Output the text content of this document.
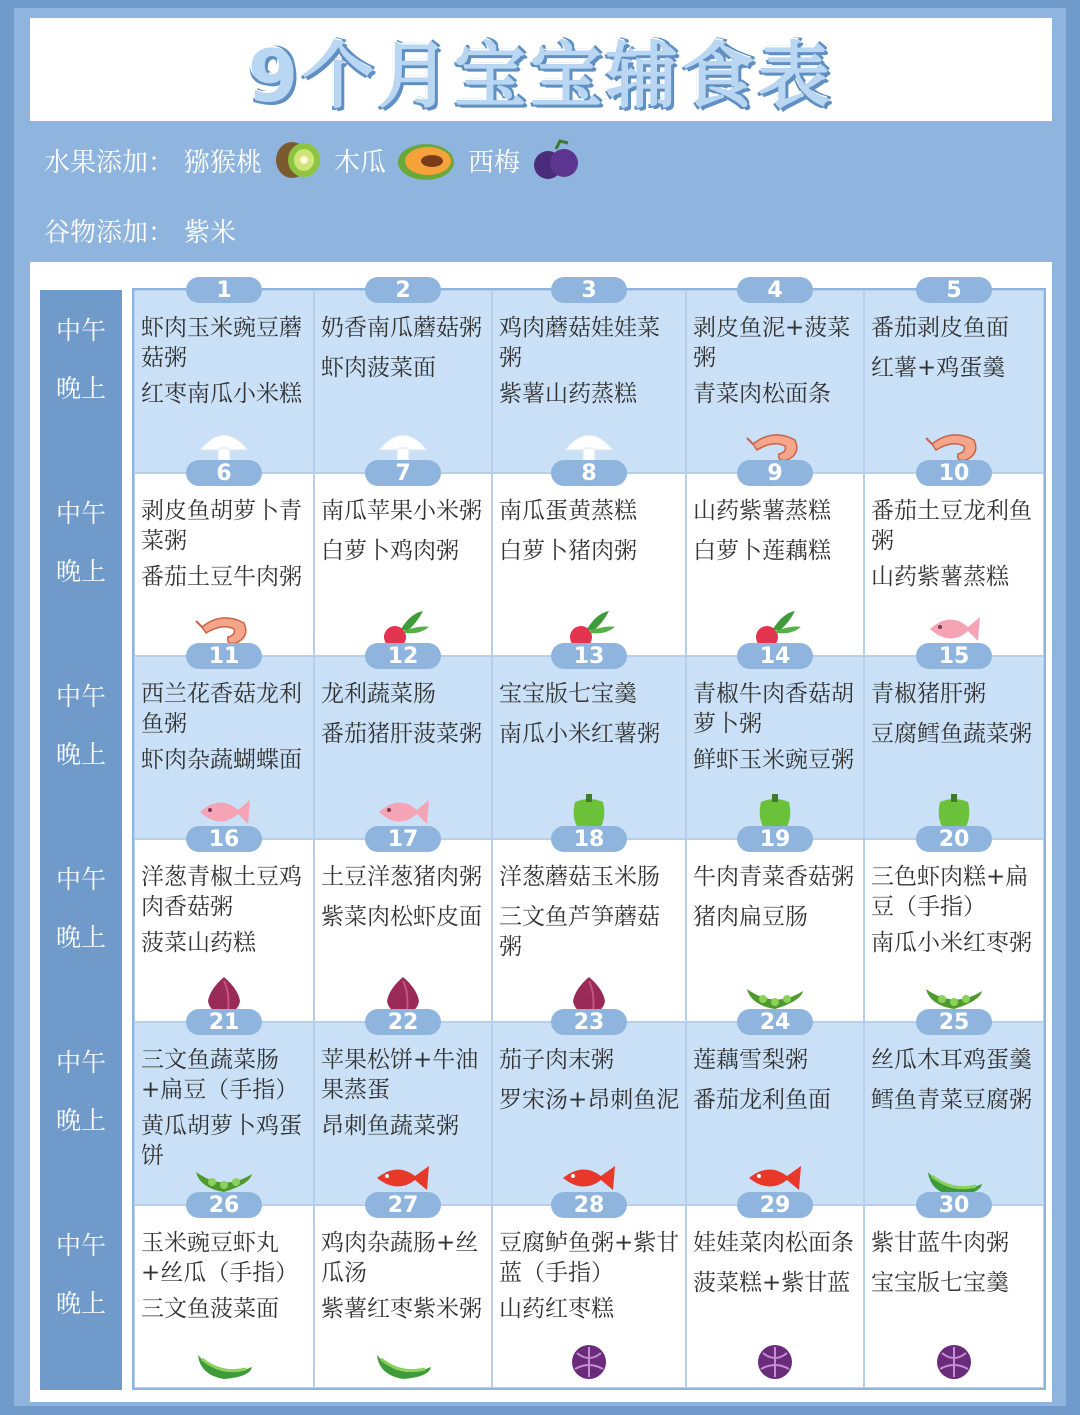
9个月宝宝辅食表
水果添加： 猕猴桃	木瓜	西梅
谷物添加： 紫米
中午
晚上
中午
晚上
中午
晚上
中午
晚上
中午
晚上
中午
晚上
1
虾肉玉米豌豆蘑菇粥
红枣南瓜小米糕
2
奶香南瓜蘑菇粥
虾肉菠菜面
3
鸡肉蘑菇娃娃菜粥
紫薯山药蒸糕
4
剥皮鱼泥+菠菜粥
青菜肉松面条
5
番茄剥皮鱼面
红薯+鸡蛋羹
6
剥皮鱼胡萝卜青菜粥
番茄土豆牛肉粥
7
南瓜苹果小米粥
白萝卜鸡肉粥
8
南瓜蛋黄蒸糕
白萝卜猪肉粥
9
山药紫薯蒸糕
白萝卜莲藕糕
10
番茄土豆龙利鱼粥
山药紫薯蒸糕
11
西兰花香菇龙利鱼粥
虾肉杂蔬蝴蝶面
12
龙利蔬菜肠
番茄猪肝菠菜粥
13
宝宝版七宝羹
南瓜小米红薯粥
14
青椒牛肉香菇胡萝卜粥
鲜虾玉米豌豆粥
15
青椒猪肝粥
豆腐鳕鱼蔬菜粥
16
洋葱青椒土豆鸡肉香菇粥
菠菜山药糕
17
土豆洋葱猪肉粥
紫菜肉松虾皮面
18
洋葱蘑菇玉米肠
三文鱼芦笋蘑菇粥
19
牛肉青菜香菇粥
猪肉扁豆肠
20
三色虾肉糕+扁豆（手指）
南瓜小米红枣粥
21
三文鱼蔬菜肠+扁豆（手指）
黄瓜胡萝卜鸡蛋饼
22
苹果松饼+牛油果蒸蛋
昂刺鱼蔬菜粥
23
茄子肉末粥
罗宋汤+昂刺鱼泥
24
莲藕雪梨粥
番茄龙利鱼面
25
丝瓜木耳鸡蛋羹
鳕鱼青菜豆腐粥
26
玉米豌豆虾丸+丝瓜（手指）
三文鱼菠菜面
27
鸡肉杂蔬肠+丝瓜汤
紫薯红枣紫米粥
28
豆腐鲈鱼粥+紫甘蓝（手指）
山药红枣糕
29
娃娃菜肉松面条
菠菜糕+紫甘蓝
30
紫甘蓝牛肉粥
宝宝版七宝羹
